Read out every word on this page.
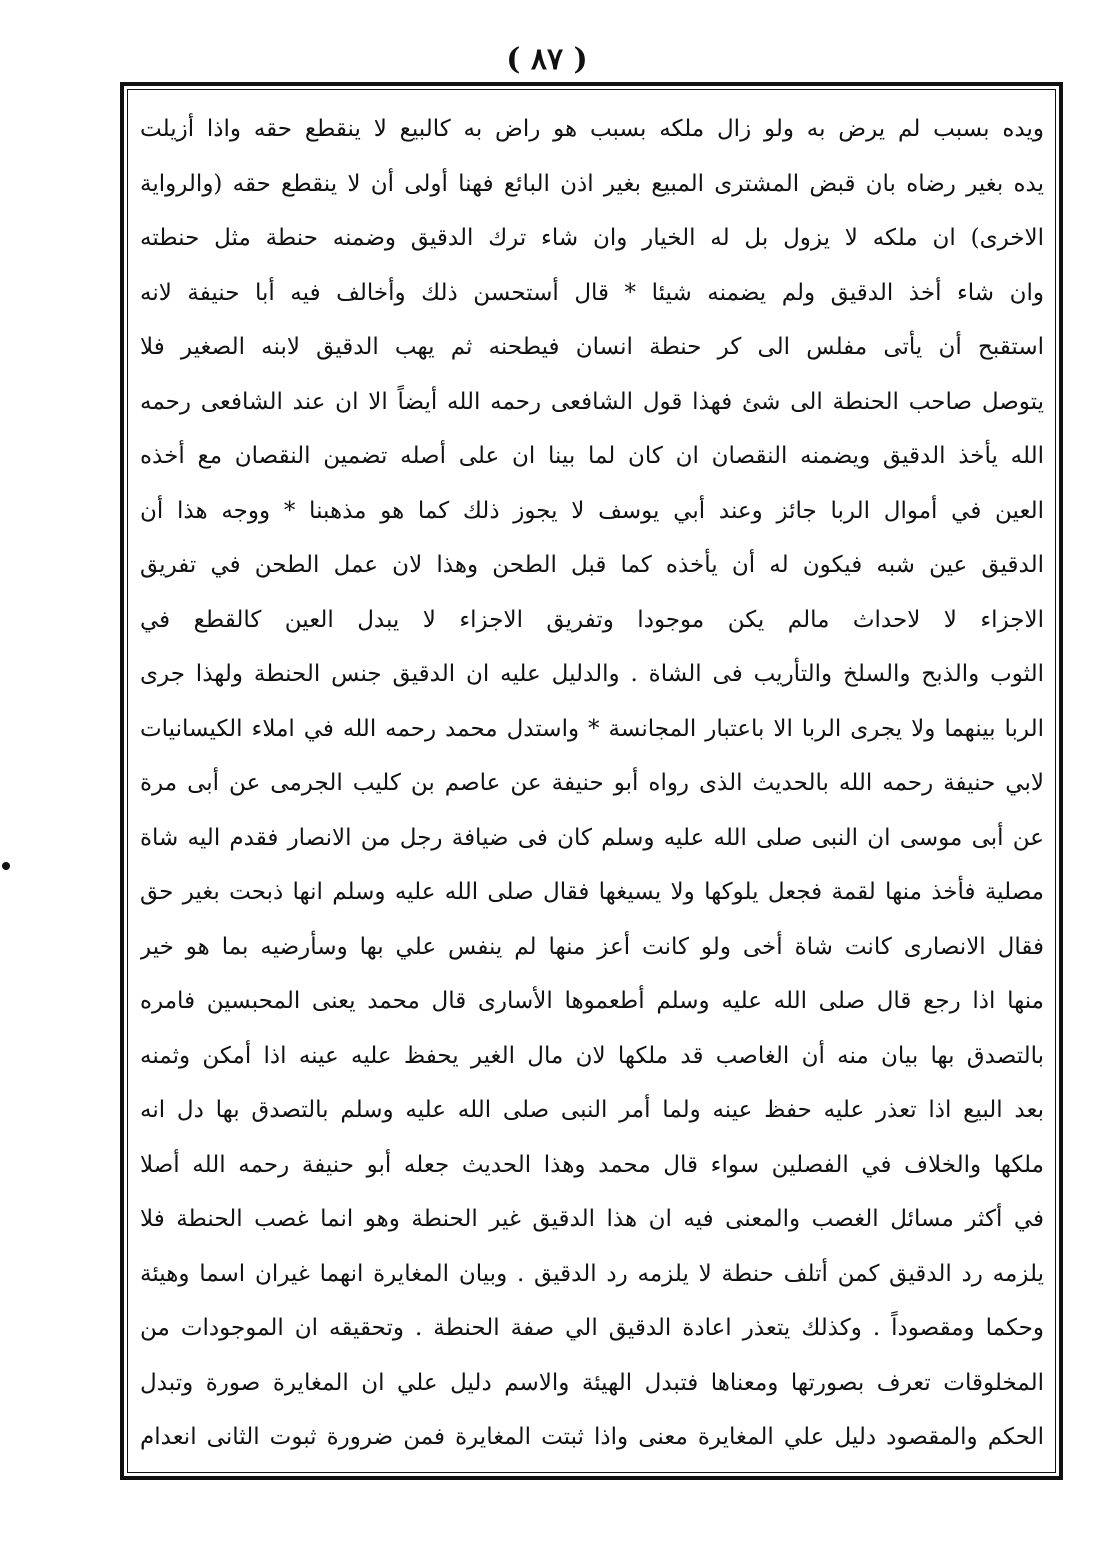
( ٨٧ )
ويده بسبب لم يرض به ولو زال ملكه بسبب هو راض به كالبيع لا ينقطع حقه واذا أزيلت
يده بغير رضاه بان قبض المشترى المبيع بغير اذن البائع فهنا أولى أن لا ينقطع حقه (والرواية
الاخرى) ان ملكه لا يزول بل له الخيار وان شاء ترك الدقيق وضمنه حنطة مثل حنطته
وان شاء أخذ الدقيق ولم يضمنه شيئا * قال أستحسن ذلك وأخالف فيه أبا حنيفة لانه
استقبح أن يأتى مفلس الى كر حنطة انسان فيطحنه ثم يهب الدقيق لابنه الصغير فلا
يتوصل صاحب الحنطة الى شئ فهذا قول الشافعى رحمه الله أيضاً الا ان عند الشافعى رحمه
الله يأخذ الدقيق ويضمنه النقصان ان كان لما بينا ان على أصله تضمين النقصان مع أخذه
العين في أموال الربا جائز وعند أبي يوسف لا يجوز ذلك كما هو مذهبنا * ووجه هذا أن
الدقيق عين شبه فيكون له أن يأخذه كما قبل الطحن وهذا لان عمل الطحن في تفريق
الاجزاء لا لاحداث مالم يكن موجودا وتفريق الاجزاء لا يبدل العين كالقطع في
الثوب والذبح والسلخ والتأريب فى الشاة . والدليل عليه ان الدقيق جنس الحنطة ولهذا جرى
الربا بينهما ولا يجرى الربا الا باعتبار المجانسة * واستدل محمد رحمه الله في املاء الكيسانيات
لابي حنيفة رحمه الله بالحديث الذى رواه أبو حنيفة عن عاصم بن كليب الجرمى عن أبى مرة
عن أبى موسى ان النبى صلى الله عليه وسلم كان فى ضيافة رجل من الانصار فقدم اليه شاة
مصلية فأخذ منها لقمة فجعل يلوكها ولا يسيغها فقال صلى الله عليه وسلم انها ذبحت بغير حق
فقال الانصارى كانت شاة أخى ولو كانت أعز منها لم ينفس علي بها وسأرضيه بما هو خير
منها اذا رجع قال صلى الله عليه وسلم أطعموها الأسارى قال محمد يعنى المحبسين فامره
بالتصدق بها بيان منه أن الغاصب قد ملكها لان مال الغير يحفظ عليه عينه اذا أمكن وثمنه
بعد البيع اذا تعذر عليه حفظ عينه ولما أمر النبى صلى الله عليه وسلم بالتصدق بها دل انه
ملكها والخلاف في الفصلين سواء قال محمد وهذا الحديث جعله أبو حنيفة رحمه الله أصلا
في أكثر مسائل الغصب والمعنى فيه ان هذا الدقيق غير الحنطة وهو انما غصب الحنطة فلا
يلزمه رد الدقيق كمن أتلف حنطة لا يلزمه رد الدقيق . وبيان المغايرة انهما غيران اسما وهيئة
وحكما ومقصوداً . وكذلك يتعذر اعادة الدقيق الي صفة الحنطة . وتحقيقه ان الموجودات من
المخلوقات تعرف بصورتها ومعناها فتبدل الهيئة والاسم دليل علي ان المغايرة صورة وتبدل
الحكم والمقصود دليل علي المغايرة معنى واذا ثبتت المغايرة فمن ضرورة ثبوت الثانى انعدام
